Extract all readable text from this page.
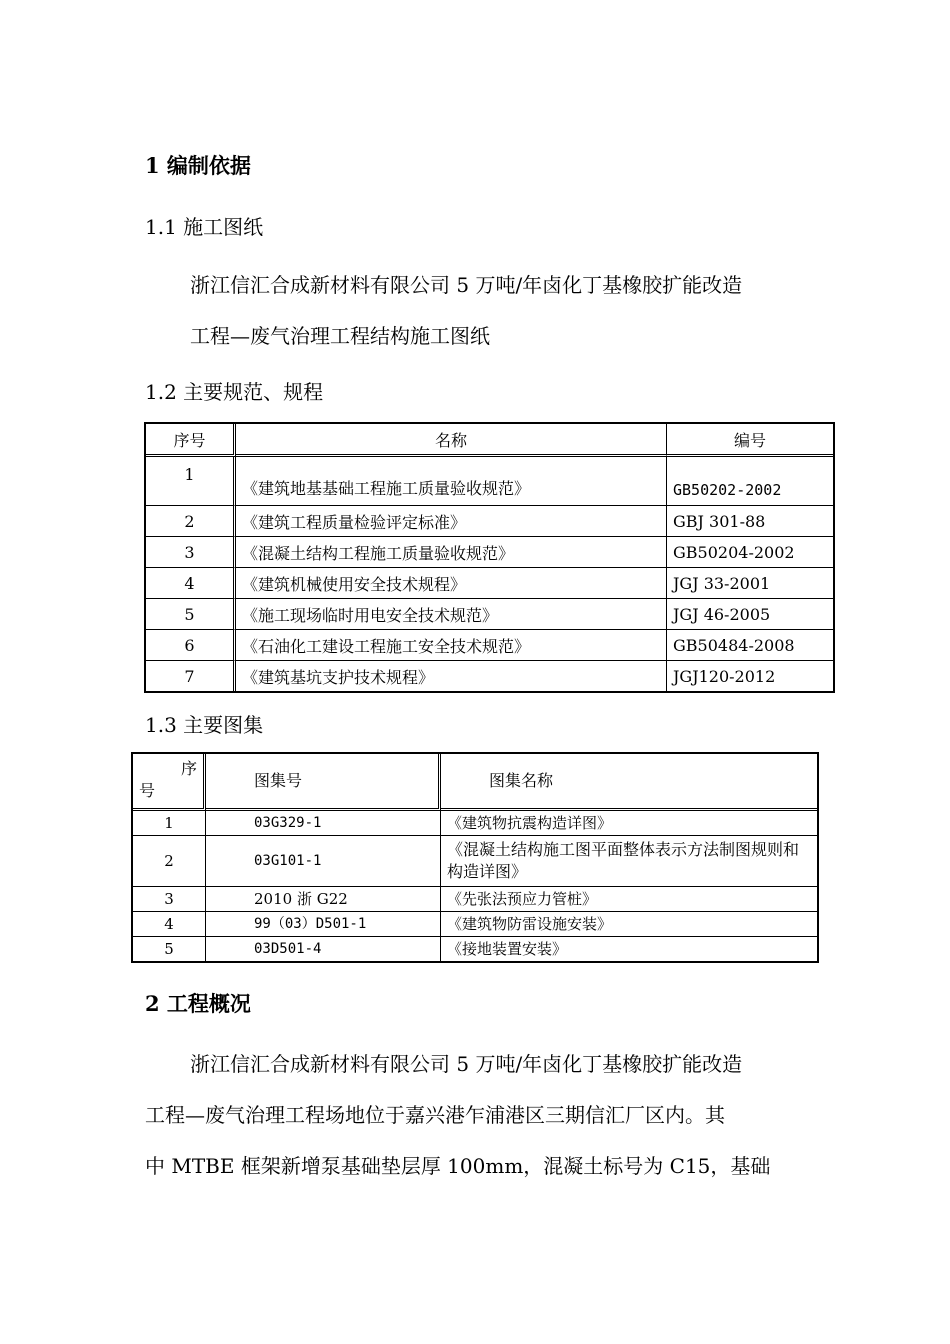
1 编制依据
1.1 施工图纸
浙江信汇合成新材料有限公司 5 万吨/年卤化丁基橡胶扩能改造
工程—废气治理工程结构施工图纸
1.2 主要规范、规程
序号	名称	编号
1	《建筑地基基础工程施工质量验收规范》	GB50202-2002
2	《建筑工程质量检验评定标准》	GBJ 301-88
3	《混凝土结构工程施工质量验收规范》	GB50204-2002
4	《建筑机械使用安全技术规程》	JGJ 33-2001
5	《施工现场临时用电安全技术规范》	JGJ 46-2005
6	《石油化工建设工程施工安全技术规范》	GB50484-2008
7	《建筑基坑支护技术规程》	JGJ120-2012
1.3 主要图集
序
号	图集号	图集名称
1	03G329-1	《建筑物抗震构造详图》
2	03G101-1	《混凝土结构施工图平面整体表示方法制图规则和构造详图》
3	2010 浙 G22	《先张法预应力管桩》
4	99（03）D501-1	《建筑物防雷设施安装》
5	03D501-4	《接地装置安装》
2 工程概况
浙江信汇合成新材料有限公司 5 万吨/年卤化丁基橡胶扩能改造
工程—废气治理工程场地位于嘉兴港乍浦港区三期信汇厂区内。其
中 MTBE 框架新增泵基础垫层厚 100mm，混凝土标号为 C15，基础
